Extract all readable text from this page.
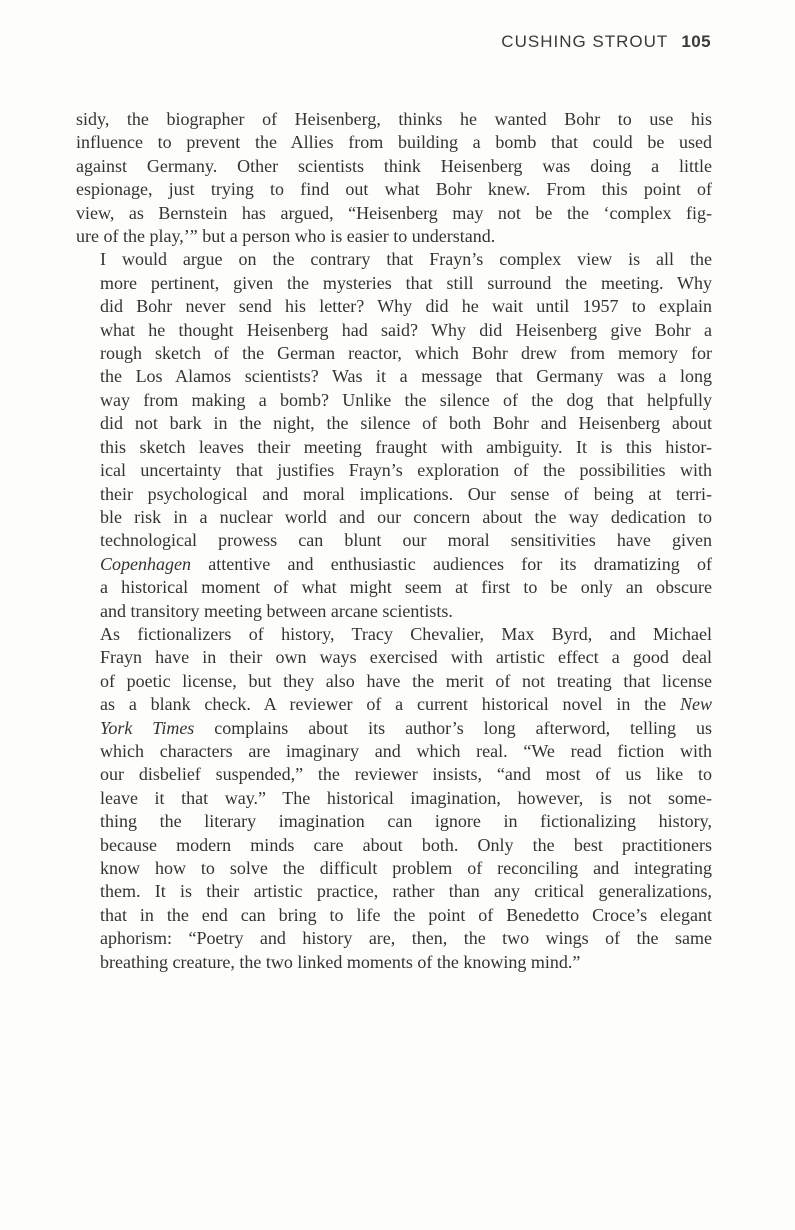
CUSHING STROUT 105

sidy, the biographer of Heisenberg, thinks he wanted Bohr to use his
influence to prevent the Allies from building a bomb that could be used
against Germany. Other scientists think Heisenberg was doing a little
espionage, just trying to find out what Bohr knew. From this point of
view, as Bernstein has argued, “Heisenberg may not be the ‘complex fig-
ure of the play,’” but a person who is easier to understand.

I would argue on the contrary that Frayn’s complex view is all the
more pertinent, given the mysteries that still surround the meeting. Why
did Bohr never send his letter? Why did he wait until 1957 to explain
what he thought Heisenberg had said? Why did Heisenberg give Bohr a
rough sketch of the German reactor, which Bohr drew from memory for
the Los Alamos scientists? Was it a message that Germany was a long
way from making a bomb? Unlike the silence of the dog that helpfully
did not bark in the night, the silence of both Bohr and Heisenberg about
this sketch leaves their meeting fraught with ambiguity. It is this histor-
ical uncertainty that justifies Frayn’s exploration of the possibilities with
their psychological and moral implications. Our sense of being at terri-
ble risk in a nuclear world and our concern about the way dedication to
technological prowess can blunt our moral sensitivities have given
Copenhagen attentive and enthusiastic audiences for its dramatizing of
a historical moment of what might seem at first to be only an obscure
and transitory meeting between arcane scientists.

As fictionalizers of history, Tracy Chevalier, Max Byrd, and Michael
Frayn have in their own ways exercised with artistic effect a good deal
of poetic license, but they also have the merit of not treating that license
as a blank check. A reviewer of a current historical novel in the New
York Times complains about its author’s long afterword, telling us
which characters are imaginary and which real. “We read fiction with
our disbelief suspended,” the reviewer insists, “and most of us like to
leave it that way.” The historical imagination, however, is not some-
thing the literary imagination can ignore in fictionalizing history,
because modern minds care about both. Only the best practitioners
know how to solve the difficult problem of reconciling and integrating
them. It is their artistic practice, rather than any critical generalizations,
that in the end can bring to life the point of Benedetto Croce’s elegant
aphorism: “Poetry and history are, then, the two wings of the same
breathing creature, the two linked moments of the knowing mind.”
